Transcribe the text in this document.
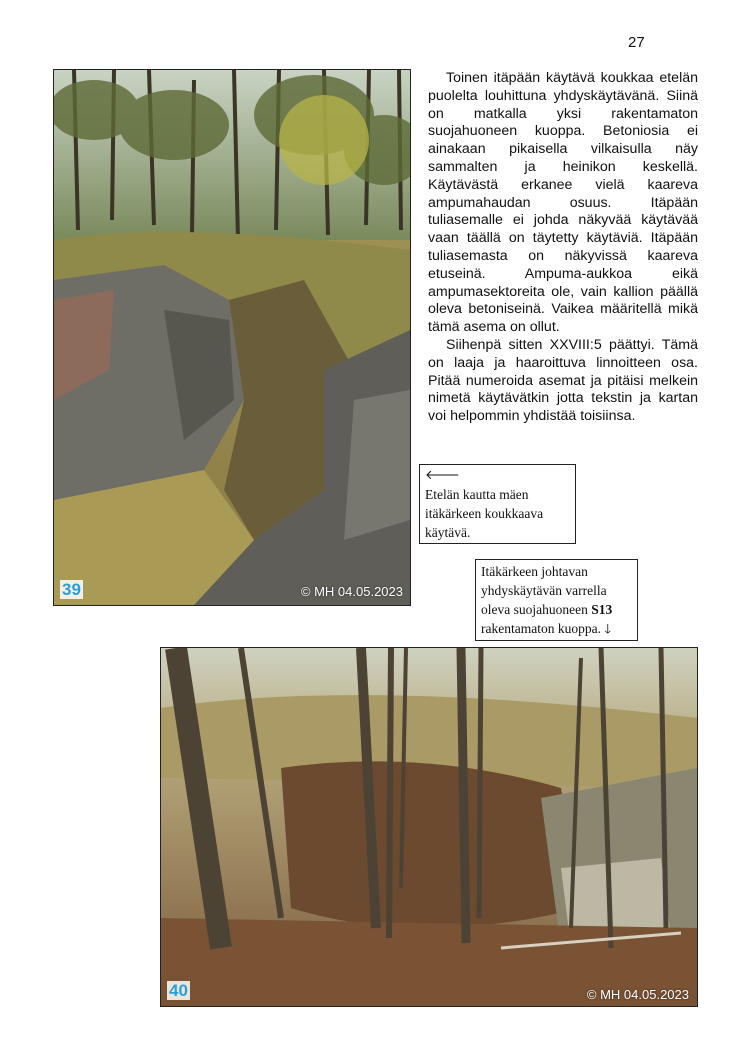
27
39	© MH 04.05.2023

Toinen itäpään käytävä koukkaa etelän puolelta louhittuna yhdyskäytävänä. Siinä on matkalla yksi rakentamaton suojahuoneen kuoppa. Betoniosia ei ainakaan pikaisella vilkaisulla näy sammalten ja heinikon keskellä. Käytävästä erkanee vielä kaareva ampumahaudan osuus. Itäpään tuliasemalle ei johda näkyvää käytävää vaan täällä on täytetty käytäviä. Itäpään tuliasemasta on näkyvissä kaareva etuseinä. Ampuma-aukkoa eikä ampumasektoreita ole, vain kallion päällä oleva betoniseinä. Vaikea määritellä mikä tämä asema on ollut.

Siihenpä sitten XXVIII:5 päättyi. Tämä on laaja ja haaroittuva linnoitteen osa. Pitää numeroida asemat ja pitäisi melkein nimetä käytävätkin jotta tekstin ja kartan voi helpommin yhdistää toisiinsa.

🡐
Etelän kautta mäen itäkärkeen koukkaava käytävä.
Itäkärkeen johtavan yhdyskäytävän varrella oleva suojahuoneen S13 rakentamaton kuoppa. 🡓
40	© MH 04.05.2023
